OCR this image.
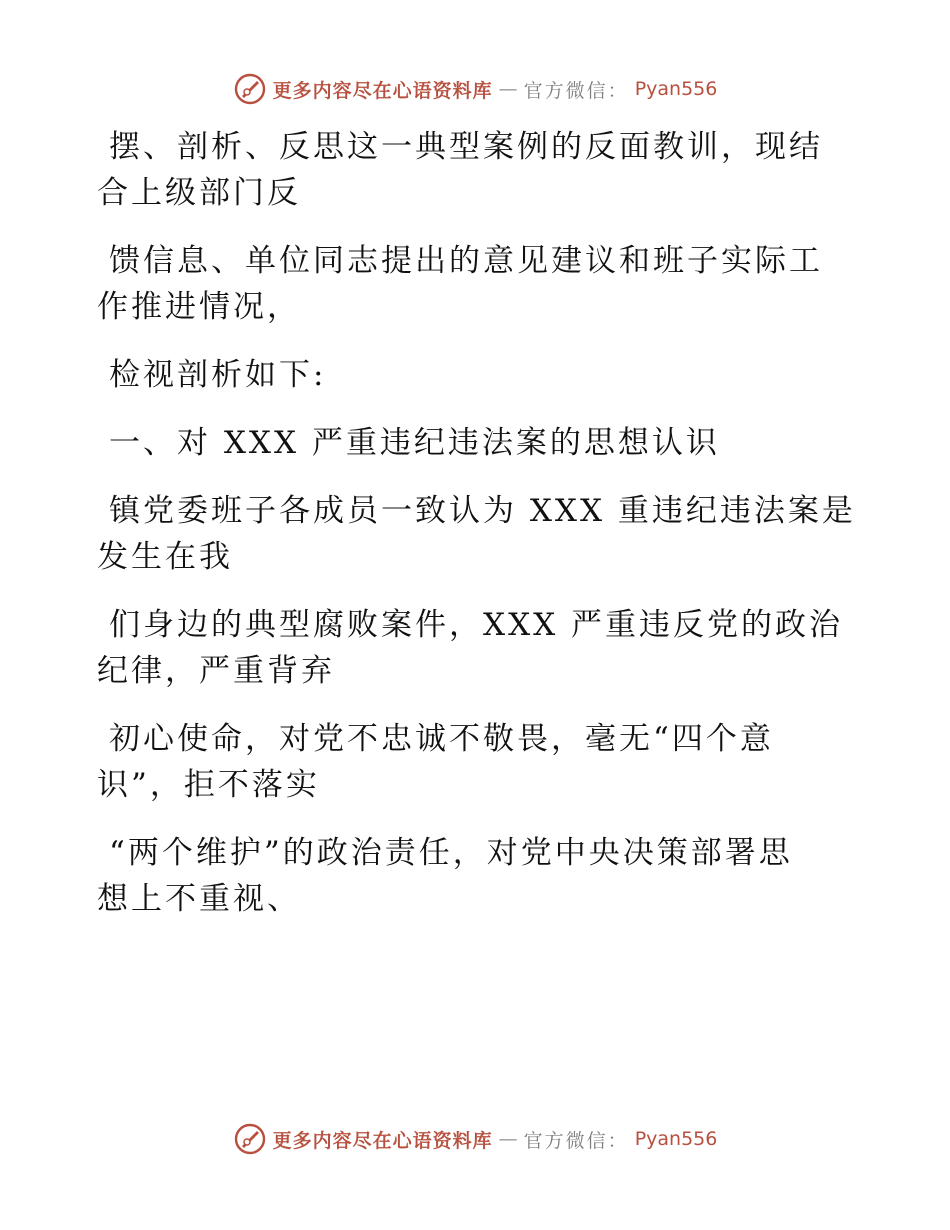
更多内容尽在心语资料库 — 官方微信： Pyan556
摆、剖析、反思这一典型案例的反面教训，现结
合上级部门反
馈信息、单位同志提出的意见建议和班子实际工
作推进情况，
检视剖析如下:
一、对 XXX 严重违纪违法案的思想认识
镇党委班子各成员一致认为 XXX 重违纪违法案是
发生在我
们身边的典型腐败案件，XXX 严重违反党的政治
纪律，严重背弃
初心使命，对党不忠诚不敬畏，毫无“四个意
识”，拒不落实
“两个维护”的政治责任，对党中央决策部署思
想上不重视、
更多内容尽在心语资料库 — 官方微信： Pyan556
